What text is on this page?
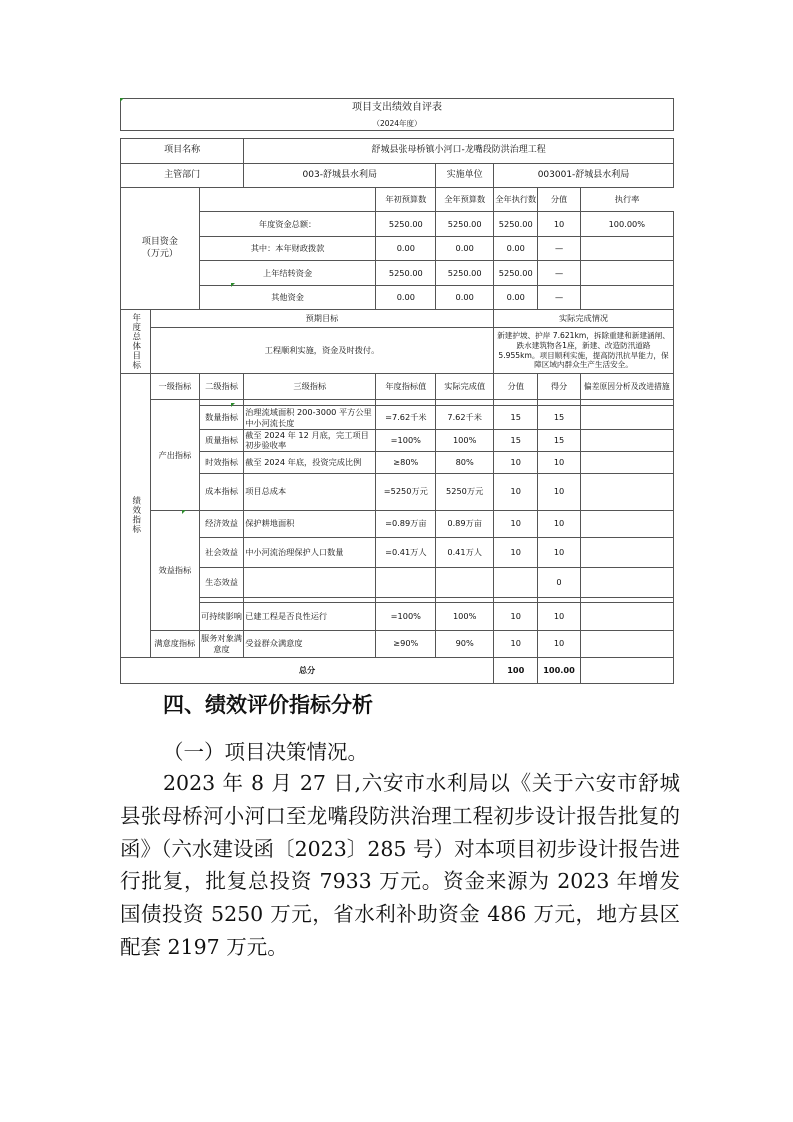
项目支出绩效自评表								
（2024年度）								

项目名称			舒城县张母桥镇小河口-龙嘴段防洪治理工程					
主管部门			003-舒城县水利局		实施单位	003001-舒城县水利局		
项目资金
（万元）				年初预算数	全年预算数	全年执行数	分值	执行率
		年度资金总额：		5250.00	5250.00	5250.00	10	100.00%
		其中：本年财政拨款		0.00	0.00	0.00	—	
		上年结转资金		5250.00	5250.00	5250.00	—	
		其他资金		0.00	0.00	0.00	—	
年度总体目标	预期目标					实际完成情况		
	工程顺利实施，资金及时拨付。					新建护坡、护岸 7.621km，拆除重建和新建涵闸、跌水建筑物各1座，新建、改造防汛道路 5.955km。项目顺利实施，提高防汛抗旱能力，保障区域内群众生产生活安全。		
绩效指标	一级指标	二级指标	三级指标	年度指标值	实际完成值	分值	得分	偏差原因分析及改进措施
	产出指标							
		数量指标	治理流域面积 200-3000 平方公里中小河流长度	=7.62千米	7.62千米	15	15	
		质量指标	截至 2024 年 12 月底，完工项目初步验收率	=100%	100%	15	15	
		时效指标	截至 2024 年底，投资完成比例	≥80%	80%	10	10	
		成本指标	项目总成本	=5250万元	5250万元	10	10	
	效益指标	经济效益	保护耕地面积	=0.89万亩	0.89万亩	10	10	
		社会效益	中小河流治理保护人口数量	=0.41万人	0.41万人	10	10	
		生态效益					0	

		可持续影响	已建工程是否良性运行	=100%	100%	10	10	
	满意度指标	服务对象满意度	受益群众满意度	≥90%	90%	10	10	
总分						100	100.00	
四、绩效评价指标分析

（一）项目决策情况。

2023 年 8 月 27 日,六安市水利局以《关于六安市舒城县张母桥河小河口至龙嘴段防洪治理工程初步设计报告批复的函》（六水建设函〔2023〕285 号）对本项目初步设计报告进行批复，批复总投资 7933 万元。资金来源为 2023 年增发国债投资 5250 万元，省水利补助资金 486 万元，地方县区配套 2197 万元。
